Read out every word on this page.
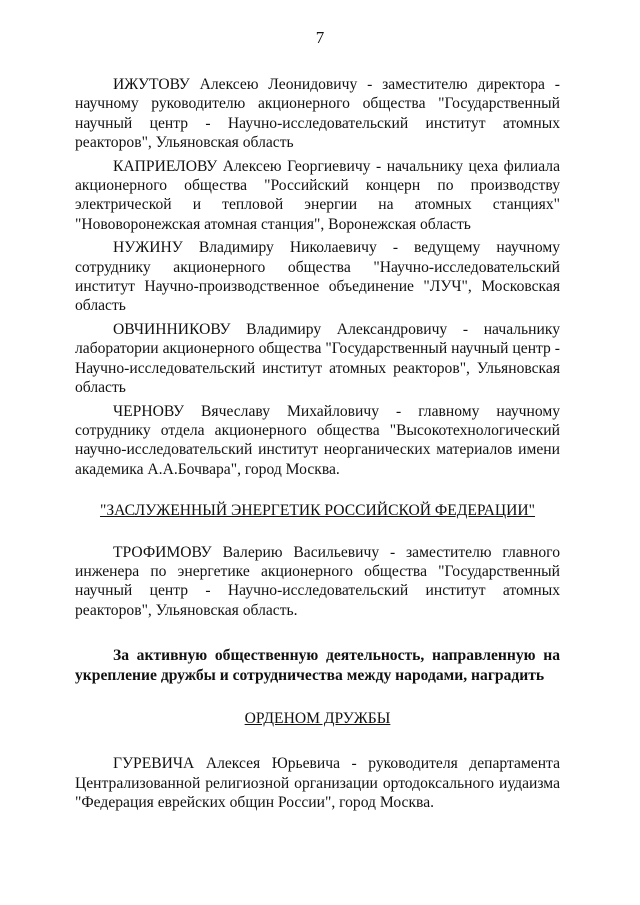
7

ИЖУТОВУ Алексею Леонидовичу - заместителю директора - научному руководителю акционерного общества "Государственный научный центр - Научно-исследовательский институт атомных реакторов", Ульяновская область

КАПРИЕЛОВУ Алексею Георгиевичу - начальнику цеха филиала акционерного общества "Российский концерн по производству электрической и тепловой энергии на атомных станциях" "Нововоронежская атомная станция", Воронежская область

НУЖИНУ Владимиру Николаевичу - ведущему научному сотруднику акционерного общества "Научно-исследовательский институт Научно-производственное объединение "ЛУЧ", Московская область

ОВЧИННИКОВУ Владимиру Александровичу - начальнику лаборатории акционерного общества "Государственный научный центр - Научно-исследовательский институт атомных реакторов", Ульяновская область

ЧЕРНОВУ Вячеславу Михайловичу - главному научному сотруднику отдела акционерного общества "Высокотехнологический научно-исследовательский институт неорганических материалов имени академика А.А.Бочвара", город Москва.

"ЗАСЛУЖЕННЫЙ ЭНЕРГЕТИК РОССИЙСКОЙ ФЕДЕРАЦИИ"

ТРОФИМОВУ Валерию Васильевичу - заместителю главного инженера по энергетике акционерного общества "Государственный научный центр - Научно-исследовательский институт атомных реакторов", Ульяновская область.

За активную общественную деятельность, направленную на укрепление дружбы и сотрудничества между народами, наградить

ОРДЕНОМ ДРУЖБЫ

ГУРЕВИЧА Алексея Юрьевича - руководителя департамента Централизованной религиозной организации ортодоксального иудаизма "Федерация еврейских общин России", город Москва.
